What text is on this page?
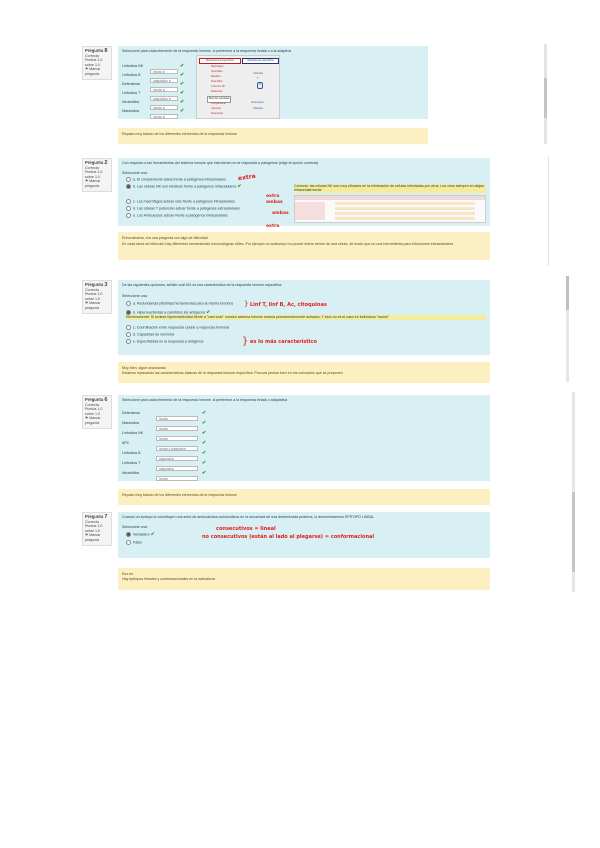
Pregunta 8
Correcta
Puntúa 1,0 sobre 1,0
⚑ Marcar pregunta
Seleccione para cada elemento de la respuesta inmune, si pertenece a la respuesta innata o a la adaptiva
Linfocitos NK
innata ⬍
✔
Linfocitos B
adaptativa ⬍
✔
Defensinas
innata ⬍
✔
Linfocitos T
adaptativa ⬍
✔
Neutrófilos
innata ⬍
✔
Mastocitos
innata ⬍
✔
Mecanismos inespecíficos	Mecanismos específicos
Macrófagos
Neutrófilos
Basófilos
Eosinófilos
Linfocitos NK
Mastocitos
Barreras epiteliales
Complemento
Citocinas
Defensinas
Linfocitos
T
B
Anticuerpos
Citocinas
Repaso muy básico de los diferentes elementos de la respuesta inmune
Pregunta 2
Correcta
Puntúa 1,0 sobre 1,0
⚑ Marcar pregunta
Con respecto a las herramientas del sistema inmune que intervienen en la respuesta a patógenos (elige la opción correcta)
Seleccione una:
a. El complemento actúa frente a patógenos intracelulares
b. Las células NK son efectivas frente a patógenos intracelulares ✔	Correcto: las células NK son muy eficaces en la eliminación de células infectadas por virus. Los virus siempre en alojan intracelularmente
c. Los macrófagos actúan sólo frente a patógenos intracelulares
d. Las células T potencian actuar frente a patógenos extracelulares
e. Los Anticuerpos actúan frente a patógenos intracelulares
extra
extra
ambas
ambas
extra
Enhorabuena, era una pregunta con algo de dificultad
En cada tarea de infección hay diferentes herramientas inmunológicas útiles. Por ejemplo un anticuerpo no puede entrar dentro de una célula, de modo que no una herramienta para infecciones extracelulares
Pregunta 3
Correcta
Puntúa 1,0 sobre 1,0
⚑ Marcar pregunta
De las siguientes opciones, señale cuál NO es una característica de la respuesta inmune específica:
Seleccione una:
a. Redundancia (distintas herramientas para la misma función)
b. Hiperreactividad a carrotidos los antígenos ✔
Efectivamente: Si tuviese hiperreactividad frente a "casi todo" nuestro sistema inmune estaría permanentemente activado, Y esto no es el caso en individuos "sanos"
c. Coordinación entre respuesta celular y respuesta humoral
d. Capacidad de memoria
e. Especificidad en la respuesta a antígenos
} Linf T, linf B, Ac, citoquinas
} es lo más característico
Muy bien, sigue avanzando
Estamos repasando las características básicas de la respuesta inmune específica. Procura pensar bien en los conceptos que se proponen
Pregunta 6
Correcta
Puntúa 1,0 sobre 1,0
⚑ Marcar pregunta
Seleccione para cada elemento de la respuesta inmune, si pertenece a la respuesta innata o adaptativa
Defensinas
innata
✔
Mastocitos
innata
✔
Linfocitos NK
innata
✔
APC
innata y adaptativa
✔
Linfocitos B
adaptativa
✔
Linfocitos T
adaptativa
✔
Neutrófilos
innata
✔
Repaso muy básico de los diferentes elementos de la respuesta inmune
Pregunta 7
Correcta
Puntúa 1,0 sobre 1,0
⚑ Marcar pregunta
Cuando un epítopo lo constituyen una serie de aminoácidos consecutivos en la secuencia de una determinada proteína, lo denominaremos EPÍTOPO LINEAL
Seleccione una:
Verdadero ✔
Falso
consecutivos = lineal
no consecutivos (están al lado al plegarse) = conformacional
Eso es
Hay epítopos lineales y conformacionales en la naturaleza
